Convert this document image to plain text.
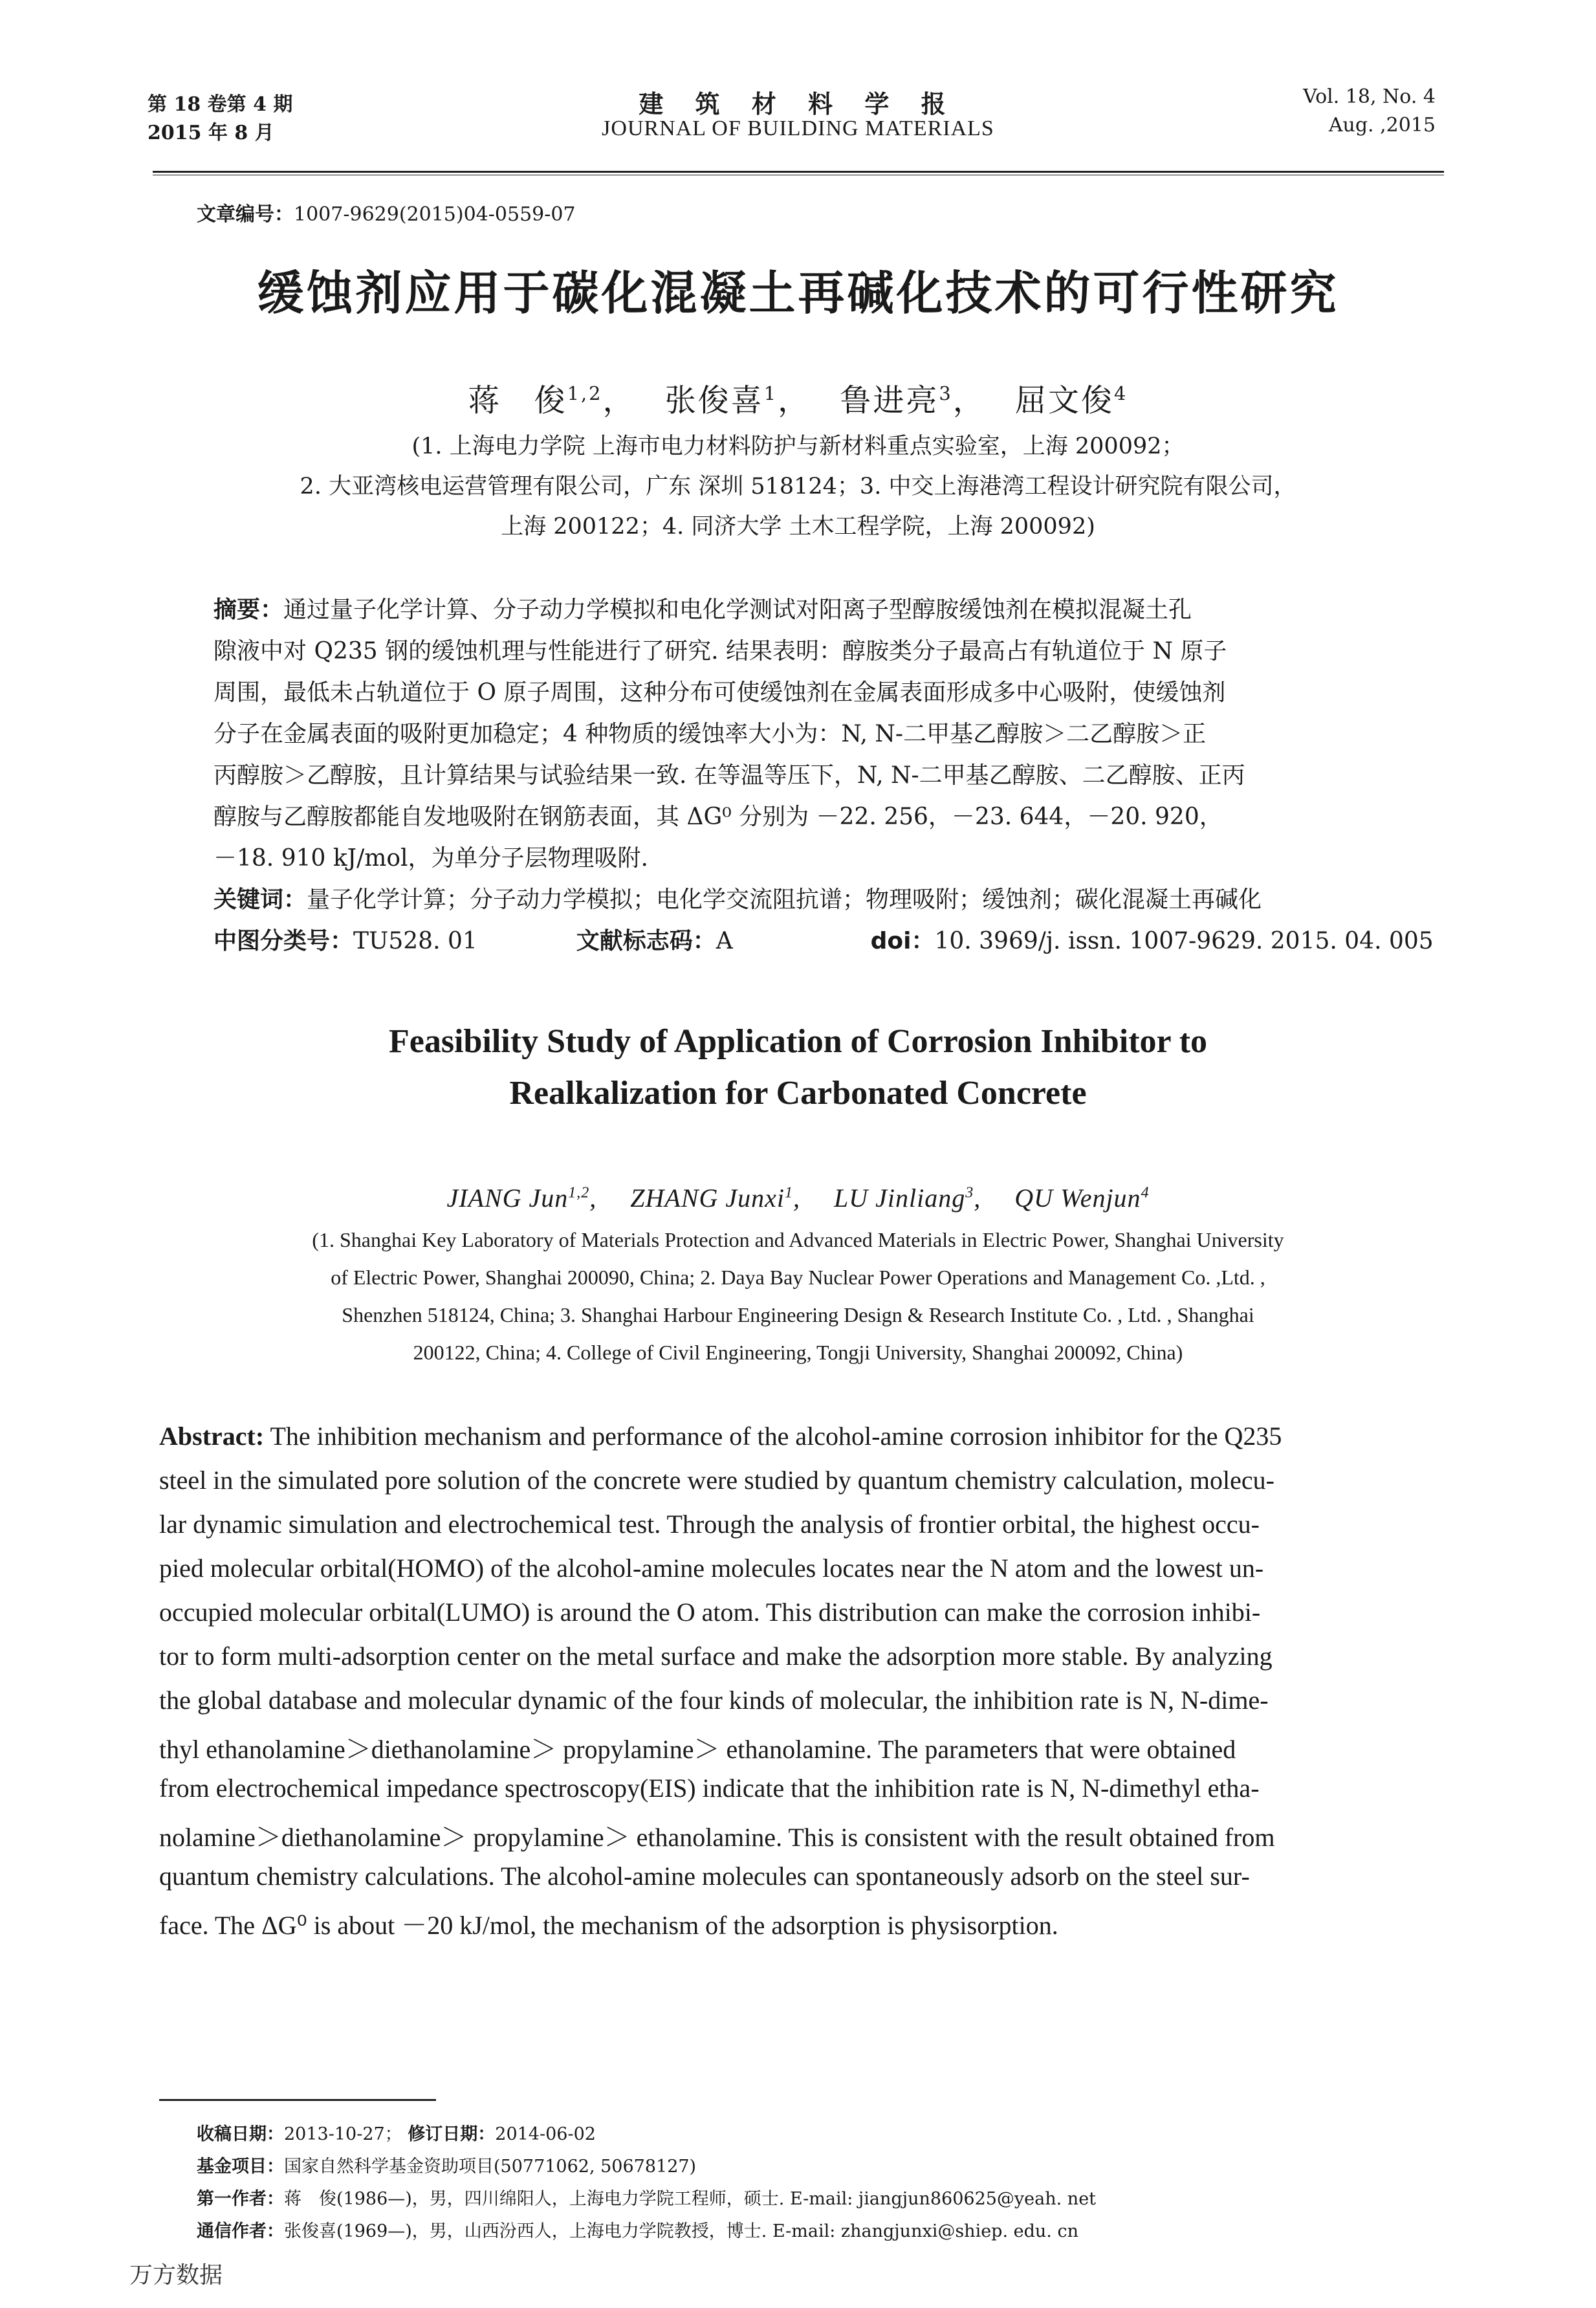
第 18 卷第 4 期
2015 年 8 月
建 筑 材 料 学 报
JOURNAL OF BUILDING MATERIALS
Vol. 18, No. 4
Aug. ,2015
文章编号：1007-9629(2015)04-0559-07
缓蚀剂应用于碳化混凝土再碱化技术的可行性研究
蒋　俊$^{1,2}$，　 张俊喜$^1$，　 鲁进亮$^3$，　 屈文俊$^4$
(1. 上海电力学院 上海市电力材料防护与新材料重点实验室，上海 200092；
2. 大亚湾核电运营管理有限公司，广东 深圳 518124；3. 中交上海港湾工程设计研究院有限公司，
上海 200122；4. 同济大学 土木工程学院，上海 200092)
摘要：通过量子化学计算、分子动力学模拟和电化学测试对阳离子型醇胺缓蚀剂在模拟混凝土孔
隙液中对 Q235 钢的缓蚀机理与性能进行了研究. 结果表明：醇胺类分子最高占有轨道位于 N 原子
周围，最低未占轨道位于 O 原子周围，这种分布可使缓蚀剂在金属表面形成多中心吸附，使缓蚀剂
分子在金属表面的吸附更加稳定；4 种物质的缓蚀率大小为：N, N-二甲基乙醇胺＞二乙醇胺＞正
丙醇胺＞乙醇胺，且计算结果与试验结果一致. 在等温等压下，N, N-二甲基乙醇胺、二乙醇胺、正丙
醇胺与乙醇胺都能自发地吸附在钢筋表面，其 ΔG⁰ 分别为 －22. 256，－23. 644，－20. 920，
－18. 910 kJ/mol，为单分子层物理吸附.
关键词：量子化学计算；分子动力学模拟；电化学交流阻抗谱；物理吸附；缓蚀剂；碳化混凝土再碱化
中图分类号：TU528. 01	文献标志码：A	doi：10. 3969/j. issn. 1007-9629. 2015. 04. 005
Feasibility Study of Application of Corrosion Inhibitor to
Realkalization for Carbonated Concrete
JIANG Jun$^{1,2}$,　 ZHANG Junxi$^1$,　 LU Jinliang$^3$,　 QU Wenjun$^4$
(1. Shanghai Key Laboratory of Materials Protection and Advanced Materials in Electric Power, Shanghai University
of Electric Power, Shanghai 200090, China; 2. Daya Bay Nuclear Power Operations and Management Co. ,Ltd. ,
Shenzhen 518124, China; 3. Shanghai Harbour Engineering Design & Research Institute Co. , Ltd. , Shanghai
200122, China; 4. College of Civil Engineering, Tongji University, Shanghai 200092, China)
Abstract: The inhibition mechanism and performance of the alcohol-amine corrosion inhibitor for the Q235
steel in the simulated pore solution of the concrete were studied by quantum chemistry calculation, molecu-
lar dynamic simulation and electrochemical test. Through the analysis of frontier orbital, the highest occu-
pied molecular orbital(HOMO) of the alcohol-amine molecules locates near the N atom and the lowest un-
occupied molecular orbital(LUMO) is around the O atom. This distribution can make the corrosion inhibi-
tor to form multi-adsorption center on the metal surface and make the adsorption more stable. By analyzing
the global database and molecular dynamic of the four kinds of molecular, the inhibition rate is N, N-dime-
thyl ethanolamine＞diethanolamine＞ propylamine＞ ethanolamine. The parameters that were obtained
from electrochemical impedance spectroscopy(EIS) indicate that the inhibition rate is N, N-dimethyl etha-
nolamine＞diethanolamine＞ propylamine＞ ethanolamine. This is consistent with the result obtained from
quantum chemistry calculations. The alcohol-amine molecules can spontaneously adsorb on the steel sur-
face. The ΔG⁰ is about －20 kJ/mol, the mechanism of the adsorption is physisorption.
收稿日期：2013-10-27； 修订日期：2014-06-02
基金项目：国家自然科学基金资助项目(50771062, 50678127)
第一作者：蒋　俊(1986—)，男，四川绵阳人，上海电力学院工程师，硕士. E-mail: jiangjun860625@yeah. net
通信作者：张俊喜(1969—)，男，山西汾西人，上海电力学院教授，博士. E-mail: zhangjunxi@shiep. edu. cn
万方数据
